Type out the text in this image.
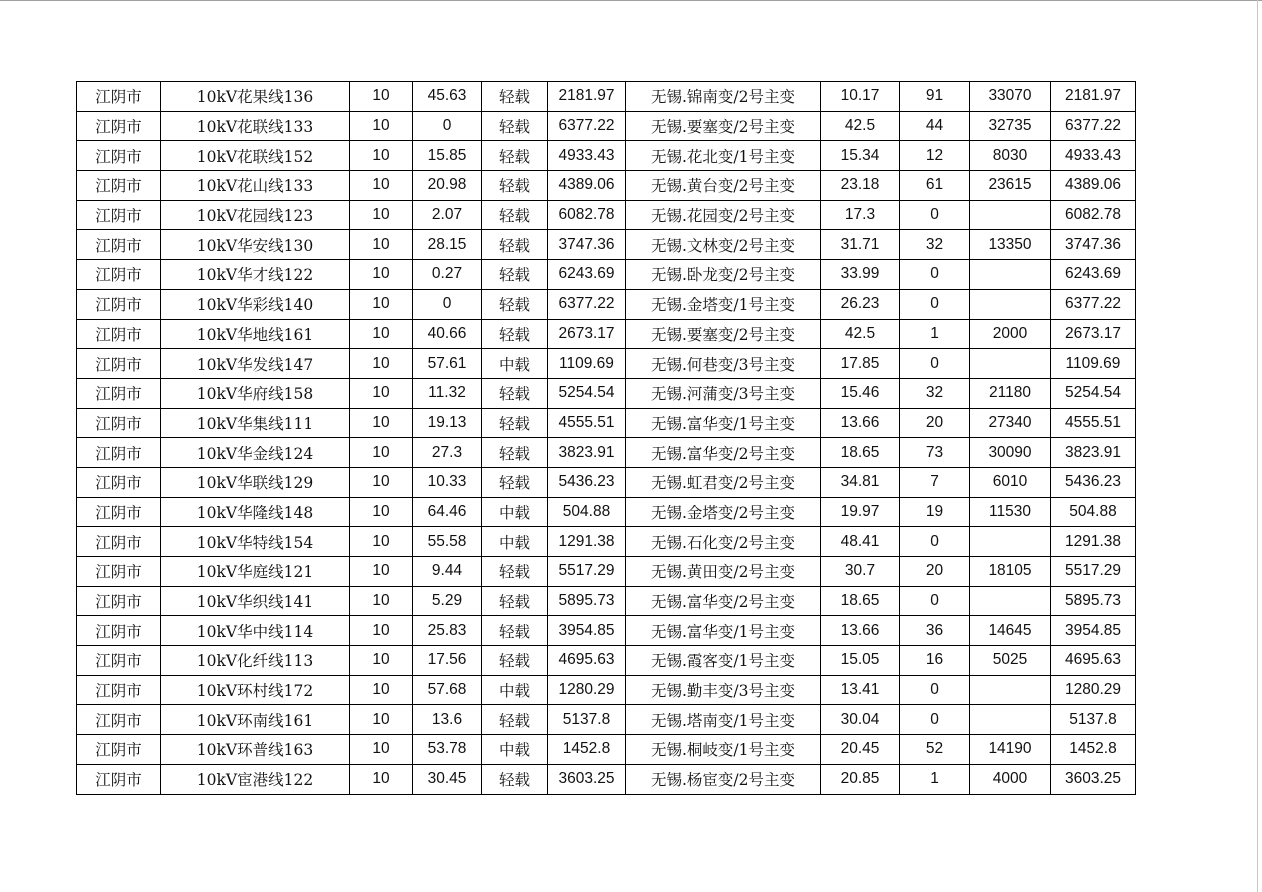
江阴市	10kV花果线136	10	45.63	轻载	2181.97	无锡.锦南变/2号主变	10.17	91	33070	2181.97
江阴市	10kV花联线133	10	0	轻载	6377.22	无锡.要塞变/2号主变	42.5	44	32735	6377.22
江阴市	10kV花联线152	10	15.85	轻载	4933.43	无锡.花北变/1号主变	15.34	12	8030	4933.43
江阴市	10kV花山线133	10	20.98	轻载	4389.06	无锡.黄台变/2号主变	23.18	61	23615	4389.06
江阴市	10kV花园线123	10	2.07	轻载	6082.78	无锡.花园变/2号主变	17.3	0		6082.78
江阴市	10kV华安线130	10	28.15	轻载	3747.36	无锡.文林变/2号主变	31.71	32	13350	3747.36
江阴市	10kV华才线122	10	0.27	轻载	6243.69	无锡.卧龙变/2号主变	33.99	0		6243.69
江阴市	10kV华彩线140	10	0	轻载	6377.22	无锡.金塔变/1号主变	26.23	0		6377.22
江阴市	10kV华地线161	10	40.66	轻载	2673.17	无锡.要塞变/2号主变	42.5	1	2000	2673.17
江阴市	10kV华发线147	10	57.61	中载	1109.69	无锡.何巷变/3号主变	17.85	0		1109.69
江阴市	10kV华府线158	10	11.32	轻载	5254.54	无锡.河蒲变/3号主变	15.46	32	21180	5254.54
江阴市	10kV华集线111	10	19.13	轻载	4555.51	无锡.富华变/1号主变	13.66	20	27340	4555.51
江阴市	10kV华金线124	10	27.3	轻载	3823.91	无锡.富华变/2号主变	18.65	73	30090	3823.91
江阴市	10kV华联线129	10	10.33	轻载	5436.23	无锡.虹君变/2号主变	34.81	7	6010	5436.23
江阴市	10kV华隆线148	10	64.46	中载	504.88	无锡.金塔变/2号主变	19.97	19	11530	504.88
江阴市	10kV华特线154	10	55.58	中载	1291.38	无锡.石化变/2号主变	48.41	0		1291.38
江阴市	10kV华庭线121	10	9.44	轻载	5517.29	无锡.黄田变/2号主变	30.7	20	18105	5517.29
江阴市	10kV华织线141	10	5.29	轻载	5895.73	无锡.富华变/2号主变	18.65	0		5895.73
江阴市	10kV华中线114	10	25.83	轻载	3954.85	无锡.富华变/1号主变	13.66	36	14645	3954.85
江阴市	10kV化纤线113	10	17.56	轻载	4695.63	无锡.霞客变/1号主变	15.05	16	5025	4695.63
江阴市	10kV环村线172	10	57.68	中载	1280.29	无锡.勤丰变/3号主变	13.41	0		1280.29
江阴市	10kV环南线161	10	13.6	轻载	5137.8	无锡.塔南变/1号主变	30.04	0		5137.8
江阴市	10kV环普线163	10	53.78	中载	1452.8	无锡.桐岐变/1号主变	20.45	52	14190	1452.8
江阴市	10kV宦港线122	10	30.45	轻载	3603.25	无锡.杨宦变/2号主变	20.85	1	4000	3603.25
